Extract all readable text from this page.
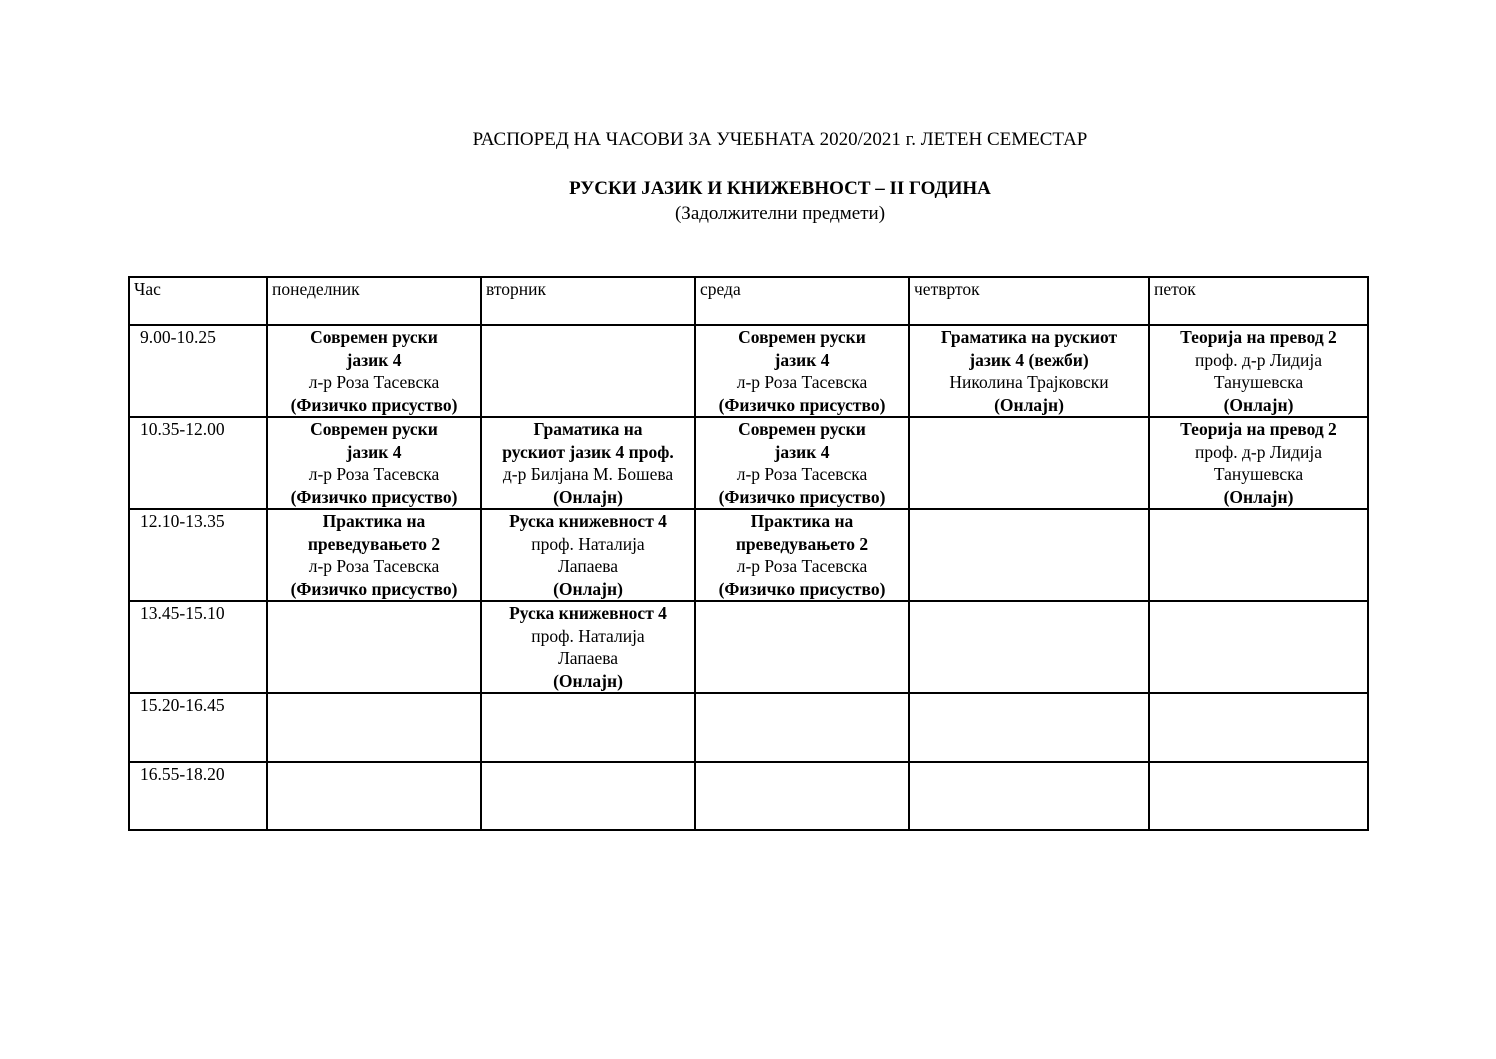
РАСПОРЕД НА ЧАСОВИ ЗА УЧЕБНАТА 2020/2021 г. ЛЕТЕН СЕМЕСТАР
РУСКИ ЈАЗИК И КНИЖЕВНОСТ – II ГОДИНА
(Задолжителни предмети)
Час	понеделник	вторник	среда	четврток	петок
9.00-10.25	Современ руски
јазик 4
л-р Роза Тасевска
(Физичко присуство)		Современ руски
јазик 4
л-р Роза Тасевска
(Физичко присуство)	Граматика на рускиот
јазик 4 (вежби)
Николина Трајковски
(Онлајн)	Теорија на превод 2
проф. д-р Лидија
Танушевска
(Онлајн)

10.35-12.00	Современ руски
јазик 4
л-р Роза Тасевска
(Физичко присуство)	Граматика на
рускиот јазик 4 проф.
д-р Билјана М. Бошева
(Онлајн)	Современ руски
јазик 4
л-р Роза Тасевска
(Физичко присуство)		Теорија на превод 2
проф. д-р Лидија
Танушевска
(Онлајн)

12.10-13.35	Практика на
преведувањето 2
л-р Роза Тасевска
(Физичко присуство)	Руска книжевност 4
проф. Наталија
Лапаева
(Онлајн)	Практика на
преведувањето 2
л-р Роза Тасевска
(Физичко присуство)		

13.45-15.10		Руска книжевност 4
проф. Наталија
Лапаева
(Онлајн)			

15.20-16.45					
16.55-18.20					
